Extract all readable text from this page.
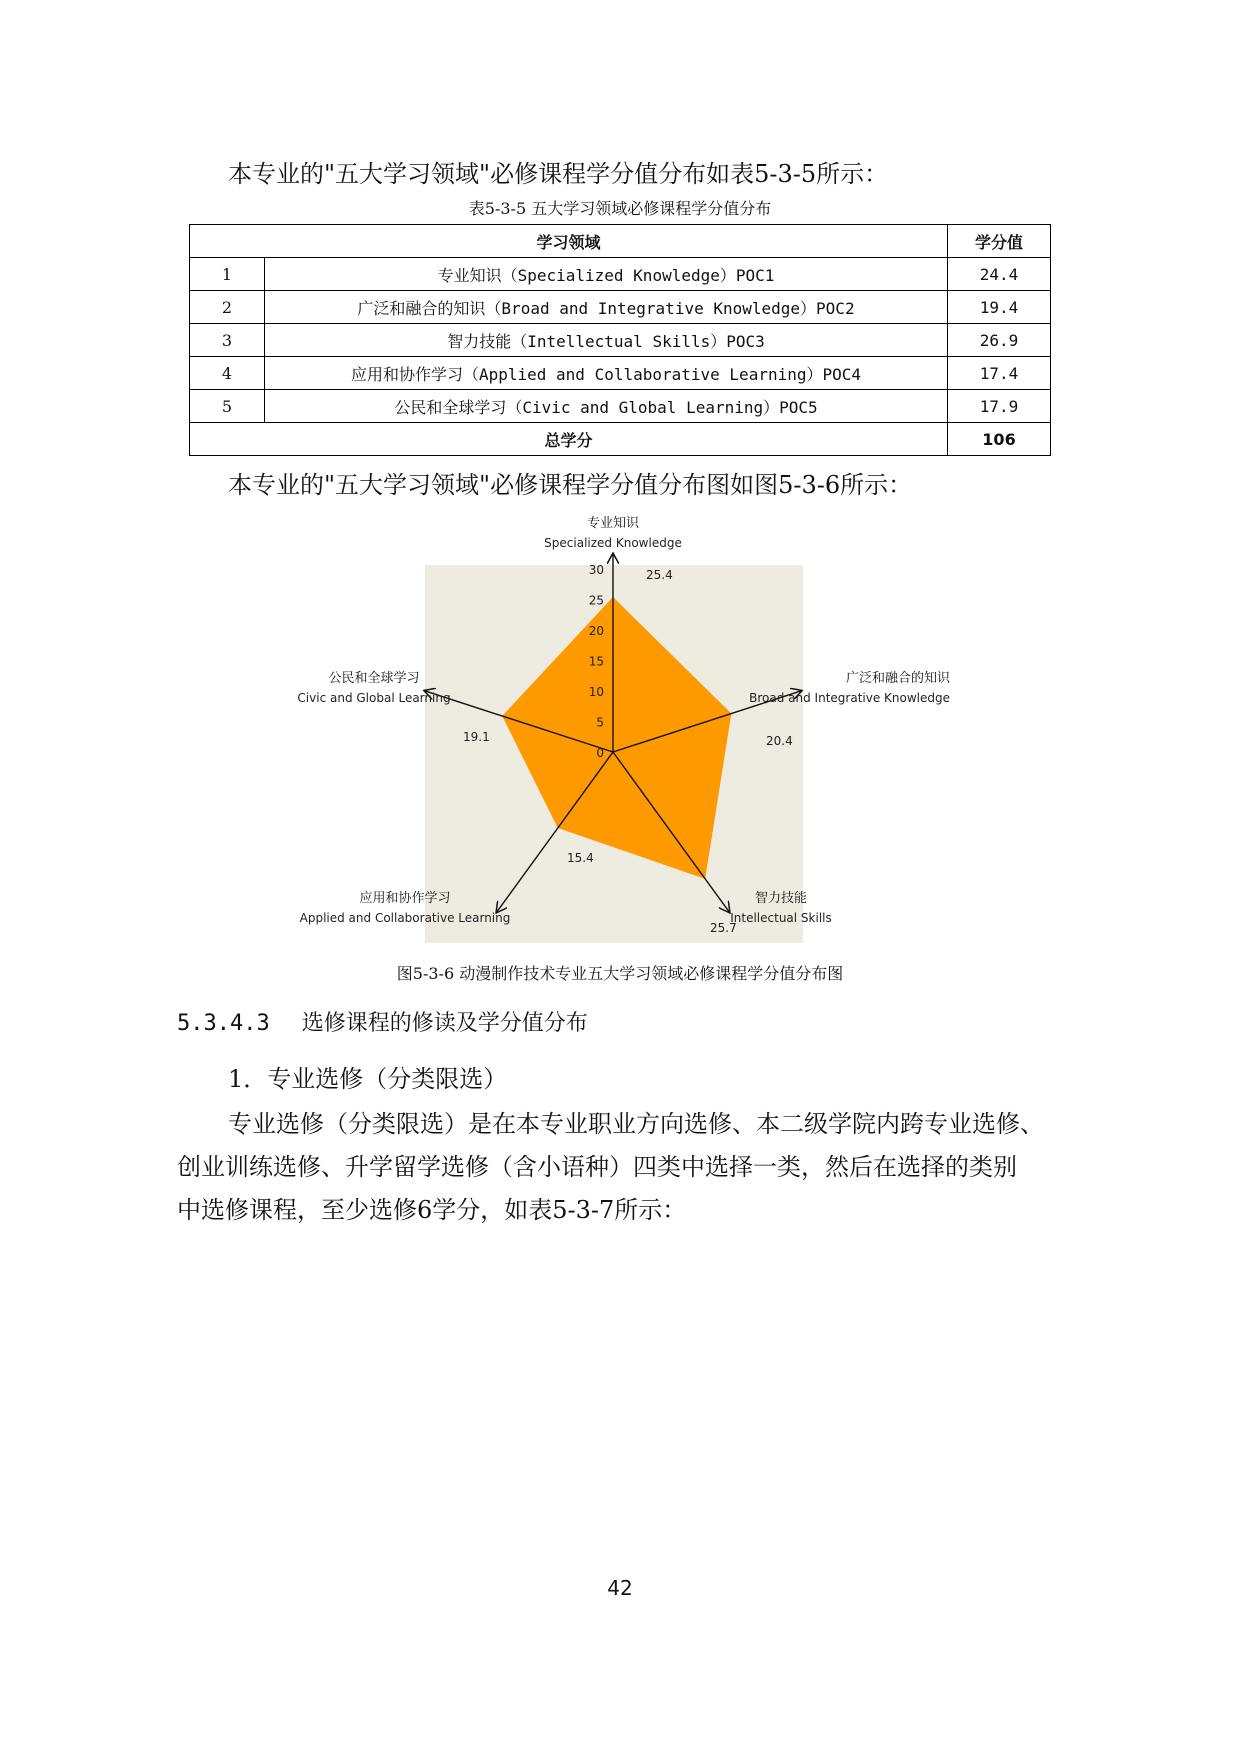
本专业的"五大学习领域"必修课程学分值分布如表5-3-5所示：
表5-3-5 五大学习领域必修课程学分值分布
学习领域		学分值
1	专业知识（Specialized Knowledge）POC1	24.4
2	广泛和融合的知识（Broad and Integrative Knowledge）POC2	19.4
3	智力技能（Intellectual Skills）POC3	26.9
4	应用和协作学习（Applied and Collaborative Learning）POC4	17.4
5	公民和全球学习（Civic and Global Learning）POC5	17.9
总学分		106
本专业的"五大学习领域"必修课程学分值分布图如图5-3-6所示：
0
5
10
15
20
25
30
专业知识
Specialized Knowledge
25.4
广泛和融合的知识
Broad and Integrative Knowledge
20.4
智力技能
Intellectual Skills
25.7
应用和协作学习
Applied and Collaborative Learning
15.4
公民和全球学习
Civic and Global Learning
19.1
图5-3-6 动漫制作技术专业五大学习领域必修课程学分值分布图
5.3.4.3 选修课程的修读及学分值分布
1．专业选修（分类限选）
专业选修（分类限选）是在本专业职业方向选修、本二级学院内跨专业选修、
创业训练选修、升学留学选修（含小语种）四类中选择一类，然后在选择的类别
中选修课程，至少选修6学分，如表5-3-7所示：
42
